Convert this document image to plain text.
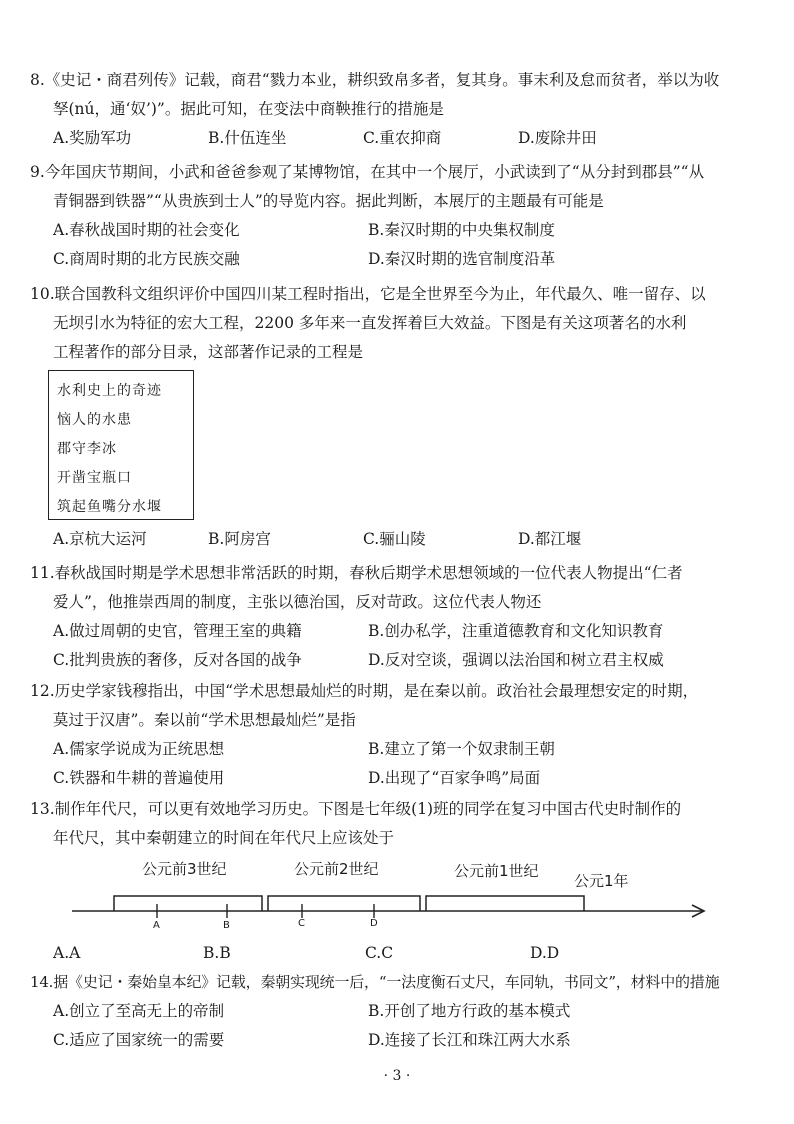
8.《史记・商君列传》记载，商君“戮力本业，耕织致帛多者，复其身。事末利及怠而贫者，举以为收

孥(nú，通‘奴’)”。据此可知，在变法中商鞅推行的措施是

A.奖励军功	B.什伍连坐	C.重农抑商	D.废除井田

9.今年国庆节期间，小武和爸爸参观了某博物馆，在其中一个展厅，小武读到了“从分封到郡县”“从

青铜器到铁器”“从贵族到士人”的导览内容。据此判断，本展厅的主题最有可能是

A.春秋战国时期的社会变化	B.秦汉时期的中央集权制度
C.商周时期的北方民族交融	D.秦汉时期的选官制度沿革

10.联合国教科文组织评价中国四川某工程时指出，它是全世界至今为止，年代最久、唯一留存、以

无坝引水为特征的宏大工程，2200 多年来一直发挥着巨大效益。下图是有关这项著名的水利

工程著作的部分目录，这部著作记录的工程是

水利史上的奇迹
恼人的水患
郡守李冰
开凿宝瓶口
筑起鱼嘴分水堰
A.京杭大运河	B.阿房宫	C.骊山陵	D.都江堰

11.春秋战国时期是学术思想非常活跃的时期，春秋后期学术思想领域的一位代表人物提出“仁者

爱人”，他推崇西周的制度，主张以德治国，反对苛政。这位代表人物还

A.做过周朝的史官，管理王室的典籍	B.创办私学，注重道德教育和文化知识教育
C.批判贵族的奢侈，反对各国的战争	D.反对空谈，强调以法治国和树立君主权威

12.历史学家钱穆指出，中国“学术思想最灿烂的时期，是在秦以前。政治社会最理想安定的时期，

莫过于汉唐”。秦以前“学术思想最灿烂”是指

A.儒家学说成为正统思想	B.建立了第一个奴隶制王朝
C.铁器和牛耕的普遍使用	D.出现了“百家争鸣”局面

13.制作年代尺，可以更有效地学习历史。下图是七年级(1)班的同学在复习中国古代史时制作的

年代尺，其中秦朝建立的时间在年代尺上应该处于

公元前3世纪	公元前2世纪	公元前1世纪
公元1年
A	B	C	D
A.A	B.B	C.C	D.D

14.据《史记・秦始皇本纪》记载，秦朝实现统一后，“一法度衡石丈尺，车同轨，书同文”，材料中的措施

A.创立了至高无上的帝制	B.开创了地方行政的基本模式
C.适应了国家统一的需要	D.连接了长江和珠江两大水系
· 3 ·
